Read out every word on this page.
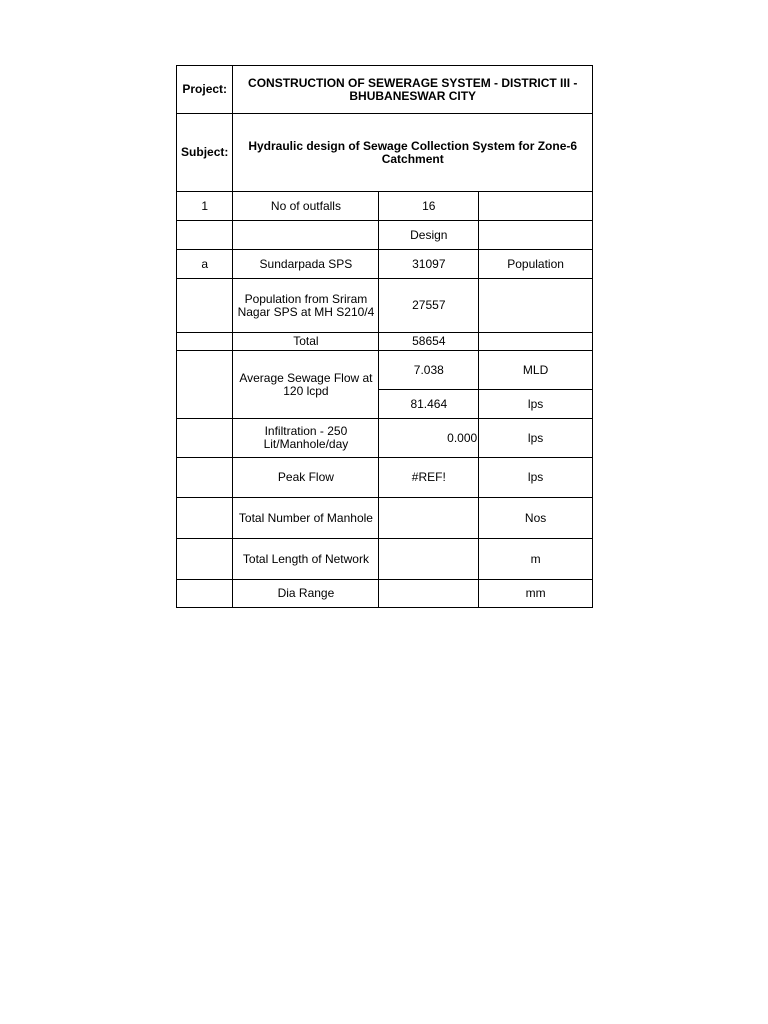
Project:	CONSTRUCTION OF SEWERAGE SYSTEM - DISTRICT III - BHUBANESWAR CITY		
Subject:	Hydraulic design of Sewage Collection System for Zone-6 Catchment		
1	No of outfalls	16	
		Design	
a	Sundarpada SPS	31097	Population
	Population from Sriram Nagar SPS at MH S210/4	27557	
	Total	58654	
	Average Sewage Flow at 120 lcpd	7.038	MLD
		81.464	lps
	Infiltration - 250 Lit/Manhole/day	0.000	lps
	Peak Flow	#REF!	lps
	Total Number of Manhole		Nos
	Total Length of Network		m
	Dia Range		mm
